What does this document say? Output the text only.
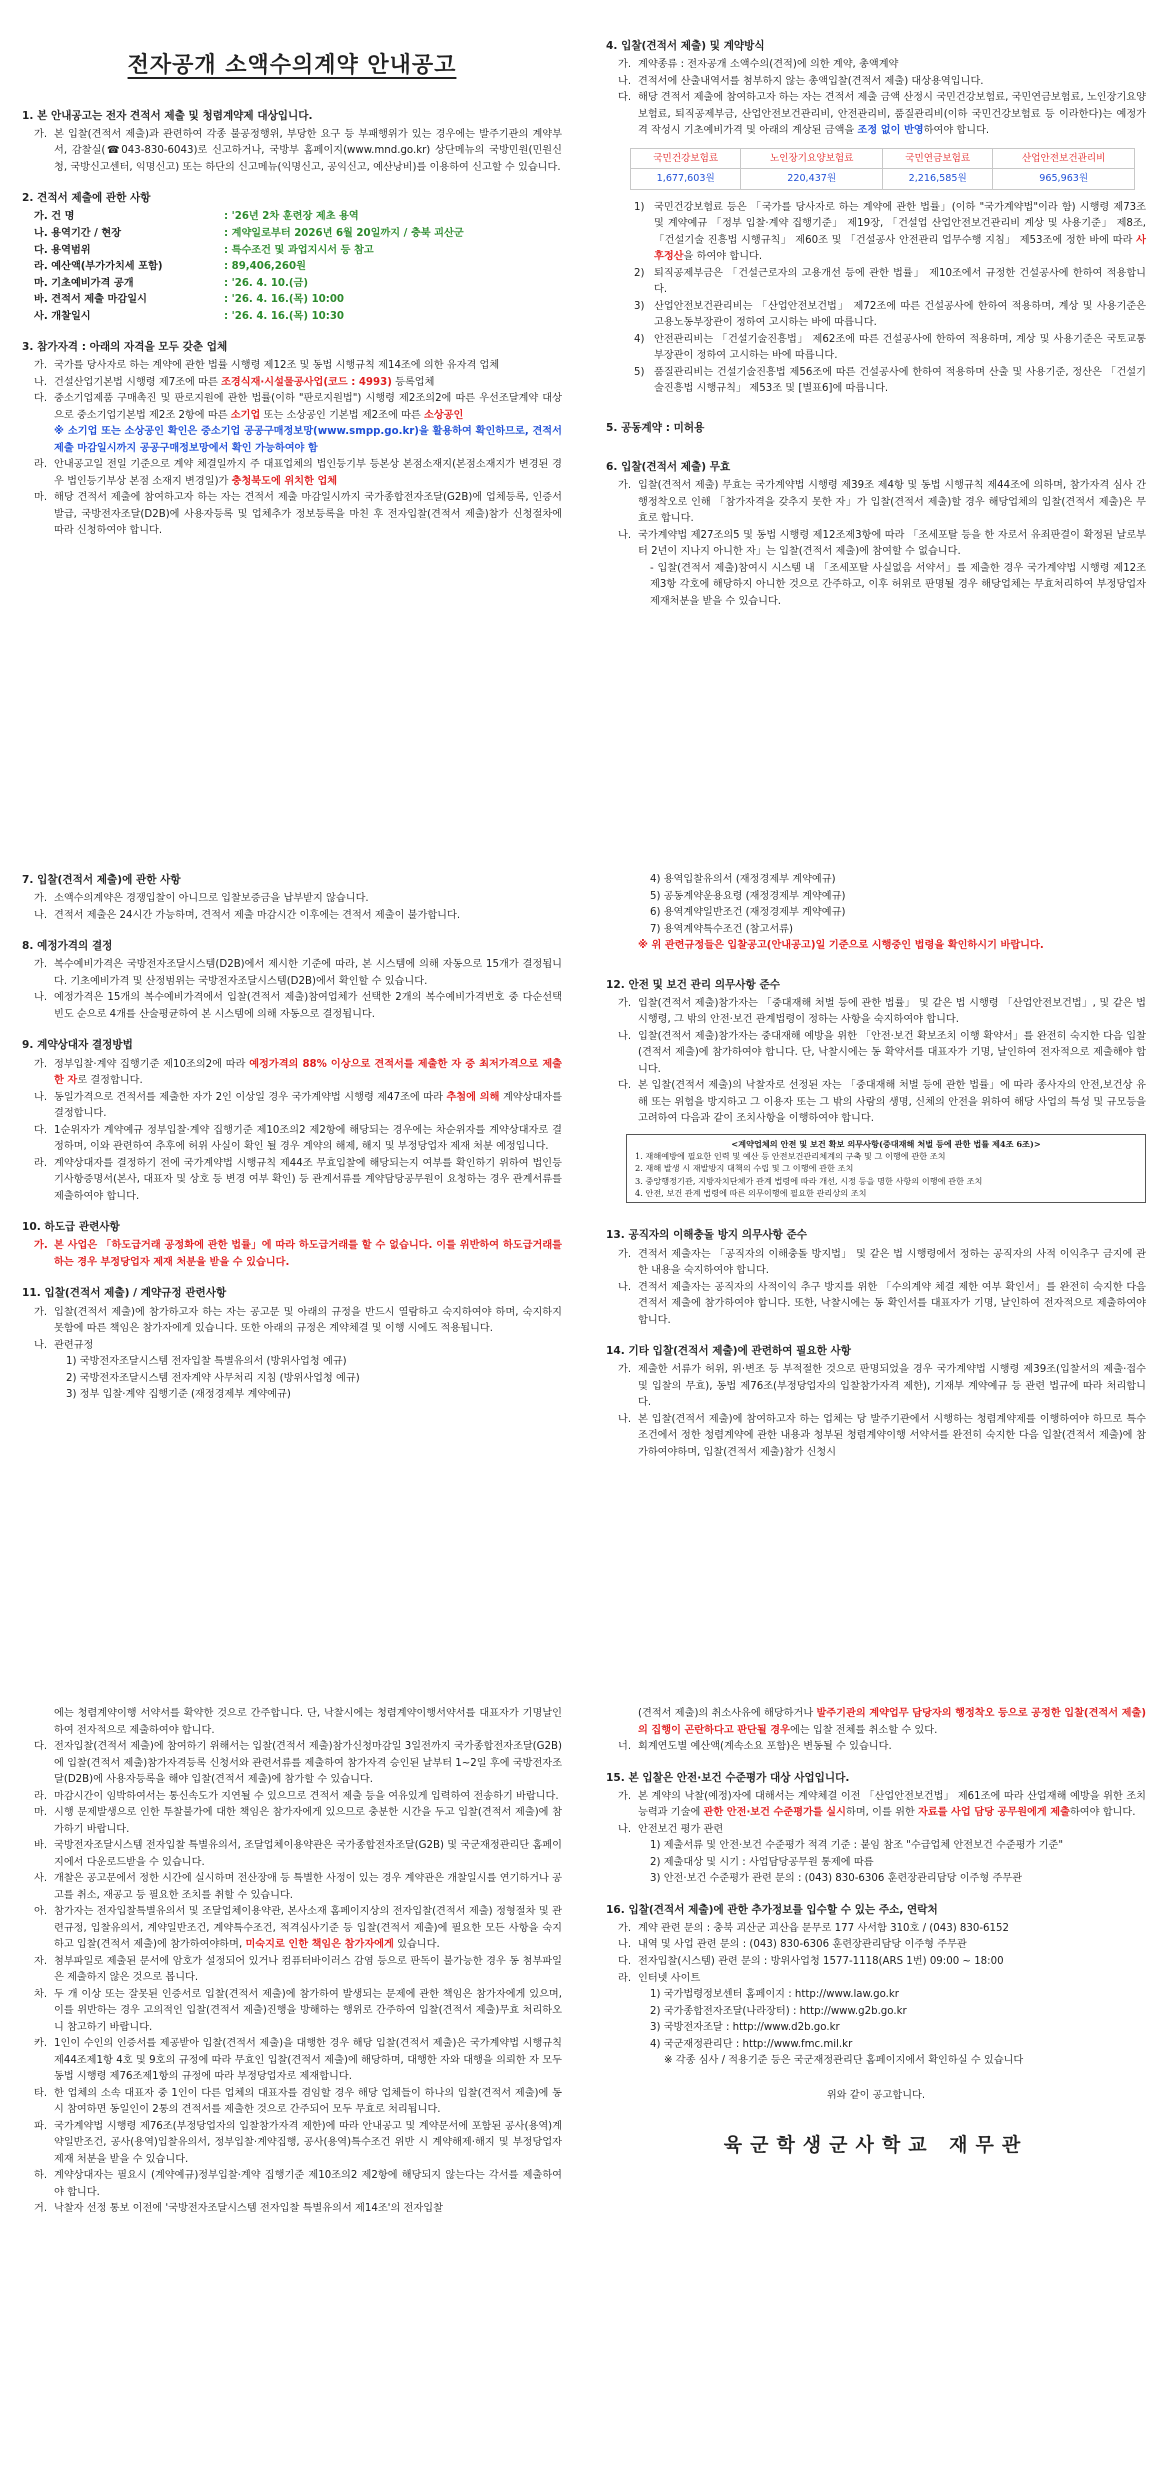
전자공개 소액수의계약 안내공고
1. 본 안내공고는 전자 견적서 제출 및 청렴계약제 대상입니다.
가. 본 입찰(견적서 제출)과 관련하여 각종 불공정행위, 부당한 요구 등 부패행위가 있는 경우에는 발주기관의 계약부서, 감찰실(☎043-830-6043)로 신고하거나, 국방부 홈페이지(www.mnd.go.kr) 상단메뉴의 국방민원(민원신청, 국방신고센터, 익명신고) 또는 하단의 신고메뉴(익명신고, 공익신고, 예산낭비)를 이용하여 신고할 수 있습니다.
2. 견적서 제출에 관한 사항
가. 건 명	: '26년 2차 훈련장 제초 용역
나. 용역기간 / 현장	: 계약일로부터 2026년 6월 20일까지 / 충북 괴산군
다. 용역범위	: 특수조건 및 과업지시서 등 참고
라. 예산액(부가가치세 포함)	: 89,406,260원
마. 기초예비가격 공개	: '26. 4. 10.(금)
바. 견적서 제출 마감일시	: '26. 4. 16.(목) 10:00
사. 개찰일시	: '26. 4. 16.(목) 10:30
3. 참가자격 : 아래의 자격을 모두 갖춘 업체
가. 국가를 당사자로 하는 계약에 관한 법률 시행령 제12조 및 동법 시행규칙 제14조에 의한 유자격 업체
나. 건설산업기본법 시행령 제7조에 따른 조경식재·시설물공사업(코드 : 4993) 등록업체
다. 중소기업제품 구매촉진 및 판로지원에 관한 법률(이하 "판로지원법") 시행령 제2조의2에 따른 우선조달계약 대상으로 중소기업기본법 제2조 2항에 따른 소기업 또는 소상공인 기본법 제2조에 따른 소상공인
※ 소기업 또는 소상공인 확인은 중소기업 공공구매정보망(www.smpp.go.kr)을 활용하여 확인하므로, 견적서 제출 마감일시까지 공공구매정보망에서 확인 가능하여야 함
라. 안내공고일 전일 기준으로 계약 체결일까지 주 대표업체의 법인등기부 등본상 본점소재지(본점소재지가 변경된 경우 법인등기부상 본점 소재지 변경일)가 충청북도에 위치한 업체
마. 해당 견적서 제출에 참여하고자 하는 자는 견적서 제출 마감일시까지 국가종합전자조달(G2B)에 업체등록, 인증서 발급, 국방전자조달(D2B)에 사용자등록 및 업체추가 정보등록을 마친 후 전자입찰(견적서 제출)참가 신청절차에 따라 신청하여야 합니다.
4. 입찰(견적서 제출) 및 계약방식
가. 계약종류 : 전자공개 소액수의(견적)에 의한 계약, 총액계약
나. 견적서에 산출내역서를 첨부하지 않는 총액입찰(견적서 제출) 대상용역입니다.
다. 해당 견적서 제출에 참여하고자 하는 자는 견적서 제출 금액 산정시 국민건강보험료, 국민연금보험료, 노인장기요양보험료, 퇴직공제부금, 산업안전보건관리비, 안전관리비, 품질관리비(이하 국민건강보험료 등 이라한다)는 예정가격 작성시 기초예비가격 및 아래의 계상된 금액을 조정 없이 반영하여야 합니다.
국민건강보험료	노인장기요양보험료	국민연금보험료	산업안전보건관리비
1,677,603원	220,437원	2,216,585원	965,963원
1) 국민건강보험료 등은 「국가를 당사자로 하는 계약에 관한 법률」(이하 "국가계약법"이라 함) 시행령 제73조 및 계약예규 「정부 입찰·계약 집행기준」 제19장, 「건설업 산업안전보건관리비 계상 및 사용기준」 제8조, 「건설기술 진흥법 시행규칙」 제60조 및 「건설공사 안전관리 업무수행 지침」 제53조에 정한 바에 따라 사후정산을 하여야 합니다.
2) 퇴직공제부금은 「건설근로자의 고용개선 등에 관한 법률」 제10조에서 규정한 건설공사에 한하여 적용합니다.
3) 산업안전보건관리비는 「산업안전보건법」 제72조에 따른 건설공사에 한하여 적용하며, 계상 및 사용기준은 고용노동부장관이 정하여 고시하는 바에 따릅니다.
4) 안전관리비는 「건설기술진흥법」 제62조에 따른 건설공사에 한하여 적용하며, 계상 및 사용기준은 국토교통부장관이 정하여 고시하는 바에 따릅니다.
5) 품질관리비는 건설기술진흥법 제56조에 따른 건설공사에 한하여 적용하며 산출 및 사용기준, 정산은 「건설기술진흥법 시행규칙」 제53조 및 [별표6]에 따릅니다.
5. 공동계약 : 미허용
6. 입찰(견적서 제출) 무효
가. 입찰(견적서 제출) 무효는 국가계약법 시행령 제39조 제4항 및 동법 시행규칙 제44조에 의하며, 참가자격 심사 간 행정착오로 인해 「참가자격을 갖추지 못한 자」가 입찰(견적서 제출)할 경우 해당업체의 입찰(견적서 제출)은 무효로 합니다.
나. 국가계약법 제27조의5 및 동법 시행령 제12조제3항에 따라 「조세포탈 등을 한 자로서 유죄판결이 확정된 날로부터 2년이 지나지 아니한 자」는 입찰(견적서 제출)에 참여할 수 없습니다.
- 입찰(견적서 제출)참여시 시스템 내 「조세포탈 사실없음 서약서」를 제출한 경우 국가계약법 시행령 제12조제3항 각호에 해당하지 아니한 것으로 간주하고, 이후 허위로 판명될 경우 해당업체는 무효처리하여 부정당업자 제재처분을 받을 수 있습니다.
7. 입찰(견적서 제출)에 관한 사항
가. 소액수의계약은 경쟁입찰이 아니므로 입찰보증금을 납부받지 않습니다.
나. 견적서 제출은 24시간 가능하며, 견적서 제출 마감시간 이후에는 견적서 제출이 불가합니다.
8. 예정가격의 결정
가. 복수예비가격은 국방전자조달시스템(D2B)에서 제시한 기준에 따라, 본 시스템에 의해 자동으로 15개가 결정됩니다. 기초예비가격 및 산정범위는 국방전자조달시스템(D2B)에서 확인할 수 있습니다.
나. 예정가격은 15개의 복수예비가격에서 입찰(견적서 제출)참여업체가 선택한 2개의 복수예비가격번호 중 다순선택 빈도 순으로 4개를 산술평균하여 본 시스템에 의해 자동으로 결정됩니다.
9. 계약상대자 결정방법
가. 정부입찰·계약 집행기준 제10조의2에 따라 예정가격의 88% 이상으로 견적서를 제출한 자 중 최저가격으로 제출한 자로 결정합니다.
나. 동일가격으로 견적서를 제출한 자가 2인 이상일 경우 국가계약법 시행령 제47조에 따라 추첨에 의해 계약상대자를 결정합니다.
다. 1순위자가 계약예규 정부입찰·계약 집행기준 제10조의2 제2항에 해당되는 경우에는 차순위자를 계약상대자로 결정하며, 이와 관련하여 추후에 허위 사실이 확인 될 경우 계약의 해제, 해지 및 부정당업자 제재 처분 예정입니다.
라. 계약상대자를 결정하기 전에 국가계약법 시행규칙 제44조 무효입찰에 해당되는지 여부를 확인하기 위하여 법인등기사항증명서(본사, 대표자 및 상호 등 변경 여부 확인) 등 관계서류를 계약담당공무원이 요청하는 경우 관계서류를 제출하여야 합니다.
10. 하도급 관련사항
가. 본 사업은 「하도급거래 공정화에 관한 법률」에 따라 하도급거래를 할 수 없습니다. 이를 위반하여 하도급거래를 하는 경우 부정당업자 제재 처분을 받을 수 있습니다.
11. 입찰(견적서 제출) / 계약규정 관련사항
가. 입찰(견적서 제출)에 참가하고자 하는 자는 공고문 및 아래의 규정을 반드시 열람하고 숙지하여야 하며, 숙지하지 못함에 따른 책임은 참가자에게 있습니다. 또한 아래의 규정은 계약체결 및 이행 시에도 적용됩니다.
나. 관련규정
1) 국방전자조달시스템 전자입찰 특별유의서 (방위사업청 예규)
2) 국방전자조달시스템 전자계약 사무처리 지침 (방위사업청 예규)
3) 정부 입찰·계약 집행기준 (재정경제부 계약예규)
4) 용역입찰유의서 (재정경제부 계약예규)
5) 공동계약운용요령 (재정경제부 계약예규)
6) 용역계약일반조건 (재정경제부 계약예규)
7) 용역계약특수조건 (참고서류)
※ 위 관련규정들은 입찰공고(안내공고)일 기준으로 시행중인 법령을 확인하시기 바랍니다.
12. 안전 및 보건 관리 의무사항 준수
가. 입찰(견적서 제출)참가자는 「중대재해 처벌 등에 관한 법률」 및 같은 법 시행령 「산업안전보건법」, 및 같은 법 시행령, 그 밖의 안전·보건 관계법령이 정하는 사항을 숙지하여야 합니다.
나. 입찰(견적서 제출)참가자는 중대재해 예방을 위한 「안전·보건 확보조치 이행 확약서」를 완전히 숙지한 다음 입찰(견적서 제출)에 참가하여야 합니다. 단, 낙찰시에는 동 확약서를 대표자가 기명, 날인하여 전자적으로 제출해야 합니다.
다. 본 입찰(견적서 제출)의 낙찰자로 선정된 자는 「중대재해 처벌 등에 관한 법률」에 따라 종사자의 안전,보건상 유해 또는 위험을 방지하고 그 이용자 또는 그 밖의 사람의 생명, 신체의 안전을 위하여 해당 사업의 특성 및 규모등을 고려하여 다음과 같이 조치사항을 이행하여야 합니다.
<계약업체의 안전 및 보건 확보 의무사항(중대재해 처벌 등에 관한 법률 제4조 6조)>
1. 재해예방에 필요한 인력 및 예산 등 안전보건관리체계의 구축 및 그 이행에 관한 조치
2. 재해 발생 시 재발방지 대책의 수립 및 그 이행에 관한 조치
3. 중앙행정기관, 지방자치단체가 관계 법령에 따라 개선, 시정 등을 명한 사항의 이행에 관한 조치
4. 안전, 보건 관계 법령에 따른 의무이행에 필요한 관리상의 조치
13. 공직자의 이해충돌 방지 의무사항 준수
가. 견적서 제출자는 「공직자의 이해충돌 방지법」 및 같은 법 시행령에서 정하는 공직자의 사적 이익추구 금지에 관한 내용을 숙지하여야 합니다.
나. 견적서 제출자는 공직자의 사적이익 추구 방지를 위한 「수의계약 체결 제한 여부 확인서」를 완전히 숙지한 다음 견적서 제출에 참가하여야 합니다. 또한, 낙찰시에는 동 확인서를 대표자가 기명, 날인하여 전자적으로 제출하여야 합니다.
14. 기타 입찰(견적서 제출)에 관련하여 필요한 사항
가. 제출한 서류가 허위, 위·변조 등 부적절한 것으로 판명되었을 경우 국가계약법 시행령 제39조(입찰서의 제출·접수 및 입찰의 무효), 동법 제76조(부정당업자의 입찰참가자격 제한), 기재부 계약예규 등 관련 법규에 따라 처리합니다.
나. 본 입찰(견적서 제출)에 참여하고자 하는 업체는 당 발주기관에서 시행하는 청렴계약제를 이행하여야 하므로 특수조건에서 정한 청렴계약에 관한 내용과 청부된 청렴계약이행 서약서를 완전히 숙지한 다음 입찰(견적서 제출)에 참가하여야하며, 입찰(견적서 제출)참가 신청시
에는 청렴계약이행 서약서를 확약한 것으로 간주합니다. 단, 낙찰시에는 청렴계약이행서약서를 대표자가 기명날인하여 전자적으로 제출하여야 합니다.
다. 전자입찰(견적서 제출)에 참여하기 위해서는 입찰(견적서 제출)참가신청마감일 3일전까지 국가종합전자조달(G2B)에 입찰(견적서 제출)참가자격등록 신청서와 관련서류를 제출하여 참가자격 승인된 날부터 1~2일 후에 국방전자조달(D2B)에 사용자등록을 해야 입찰(견적서 제출)에 참가할 수 있습니다.
라. 마감시간이 임박하여서는 통신속도가 지연될 수 있으므로 견적서 제출 등을 여유있게 입력하여 전송하기 바랍니다.
마. 시행 문제발생으로 인한 투찰불가에 대한 책임은 참가자에게 있으므로 충분한 시간을 두고 입찰(견적서 제출)에 참가하기 바랍니다.
바. 국방전자조달시스템 전자입찰 특별유의서, 조달업체이용약관은 국가종합전자조달(G2B) 및 국군재정관리단 홈페이지에서 다운로드받을 수 있습니다.
사. 개찰은 공고문에서 정한 시간에 실시하며 전산장애 등 특별한 사정이 있는 경우 계약관은 개찰일시를 연기하거나 공고를 취소, 재공고 등 필요한 조치를 취할 수 있습니다.
아. 참가자는 전자입찰특별유의서 및 조달업체이용약관, 본사소재 홈페이지상의 전자입찰(견적서 제출) 정형절차 및 관련규정, 입찰유의서, 계약일반조건, 계약특수조건, 적격심사기준 등 입찰(견적서 제출)에 필요한 모든 사항을 숙지하고 입찰(견적서 제출)에 참가하여야하며, 미숙지로 인한 책임은 참가자에게 있습니다.
자. 첨부파일로 제출된 문서에 암호가 설정되어 있거나 컴퓨터바이러스 감염 등으로 판독이 불가능한 경우 동 첨부파일은 제출하지 않은 것으로 봅니다.
차. 두 개 이상 또는 잘못된 인증서로 입찰(견적서 제출)에 참가하여 발생되는 문제에 관한 책임은 참가자에게 있으며, 이를 위반하는 경우 고의적인 입찰(견적서 제출)진행을 방해하는 행위로 간주하여 입찰(견적서 제출)무효 처리하오니 참고하기 바랍니다.
카. 1인이 수인의 인증서를 제공받아 입찰(견적서 제출)을 대행한 경우 해당 입찰(견적서 제출)은 국가계약법 시행규칙 제44조제1항 4호 및 9호의 규정에 따라 무효인 입찰(견적서 제출)에 해당하며, 대행한 자와 대행을 의뢰한 자 모두 동법 시행령 제76조제1항의 규정에 따라 부정당업자로 제재합니다.
타. 한 업체의 소속 대표자 중 1인이 다른 업체의 대표자를 겸임할 경우 해당 업체들이 하나의 입찰(견적서 제출)에 동시 참여하면 동일인이 2통의 견적서를 제출한 것으로 간주되어 모두 무효로 처리됩니다.
파. 국가계약법 시행령 제76조(부정당업자의 입찰참가자격 제한)에 따라 안내공고 및 계약문서에 포함된 공사(용역)계약일반조건, 공사(용역)입찰유의서, 정부입찰·계약집행, 공사(용역)특수조건 위반 시 계약해제·해지 및 부정당업자 제재 처분을 받을 수 있습니다.
하. 계약상대자는 필요시 (계약예규)정부입찰·계약 집행기준 제10조의2 제2항에 해당되지 않는다는 각서를 제출하여야 합니다.
거. 낙찰자 선정 통보 이전에 '국방전자조달시스템 전자입찰 특별유의서 제14조'의 전자입찰
(견적서 제출)의 취소사유에 해당하거나 발주기관의 계약업무 담당자의 행정착오 등으로 공정한 입찰(견적서 제출)의 집행이 곤란하다고 판단될 경우에는 입찰 전체를 취소할 수 있다.
너. 회계연도별 예산액(계속소요 포함)은 변동될 수 있습니다.
15. 본 입찰은 안전·보건 수준평가 대상 사업입니다.
가. 본 계약의 낙찰(예정)자에 대해서는 계약체결 이전 「산업안전보건법」 제61조에 따라 산업재해 예방을 위한 조치능력과 기술에 관한 안전·보건 수준평가를 실시하며, 이를 위한 자료를 사업 담당 공무원에게 제출하여야 합니다.
나. 안전보건 평가 관련
1) 제출서류 및 안전·보건 수준평가 적격 기준 : 붙임 참조 "수급업체 안전보건 수준평가 기준"
2) 제출대상 및 시기 : 사업담당공무원 통제에 따름
3) 안전·보건 수준평가 관련 문의 : (043) 830-6306 훈련장관리담당 이주형 주무관
16. 입찰(견적서 제출)에 관한 추가정보를 입수할 수 있는 주소, 연락처
가. 계약 관련 문의 : 충북 괴산군 괴산읍 문무로 177 사서함 310호 / (043) 830-6152
나. 내역 및 사업 관련 문의 : (043) 830-6306 훈련장관리담당 이주형 주무관
다. 전자입찰(시스템) 관련 문의 : 방위사업청 1577-1118(ARS 1번) 09:00 ~ 18:00
라. 인터넷 사이트
1) 국가법령정보센터 홈페이지 : http://www.law.go.kr
2) 국가종합전자조달(나라장터) : http://www.g2b.go.kr
3) 국방전자조달 : http://www.d2b.go.kr
4) 국군재정관리단 : http://www.fmc.mil.kr
※ 각종 심사 / 적용기준 등은 국군재정관리단 홈페이지에서 확인하실 수 있습니다
위와 같이 공고합니다.
육군학생군사학교 재무관
